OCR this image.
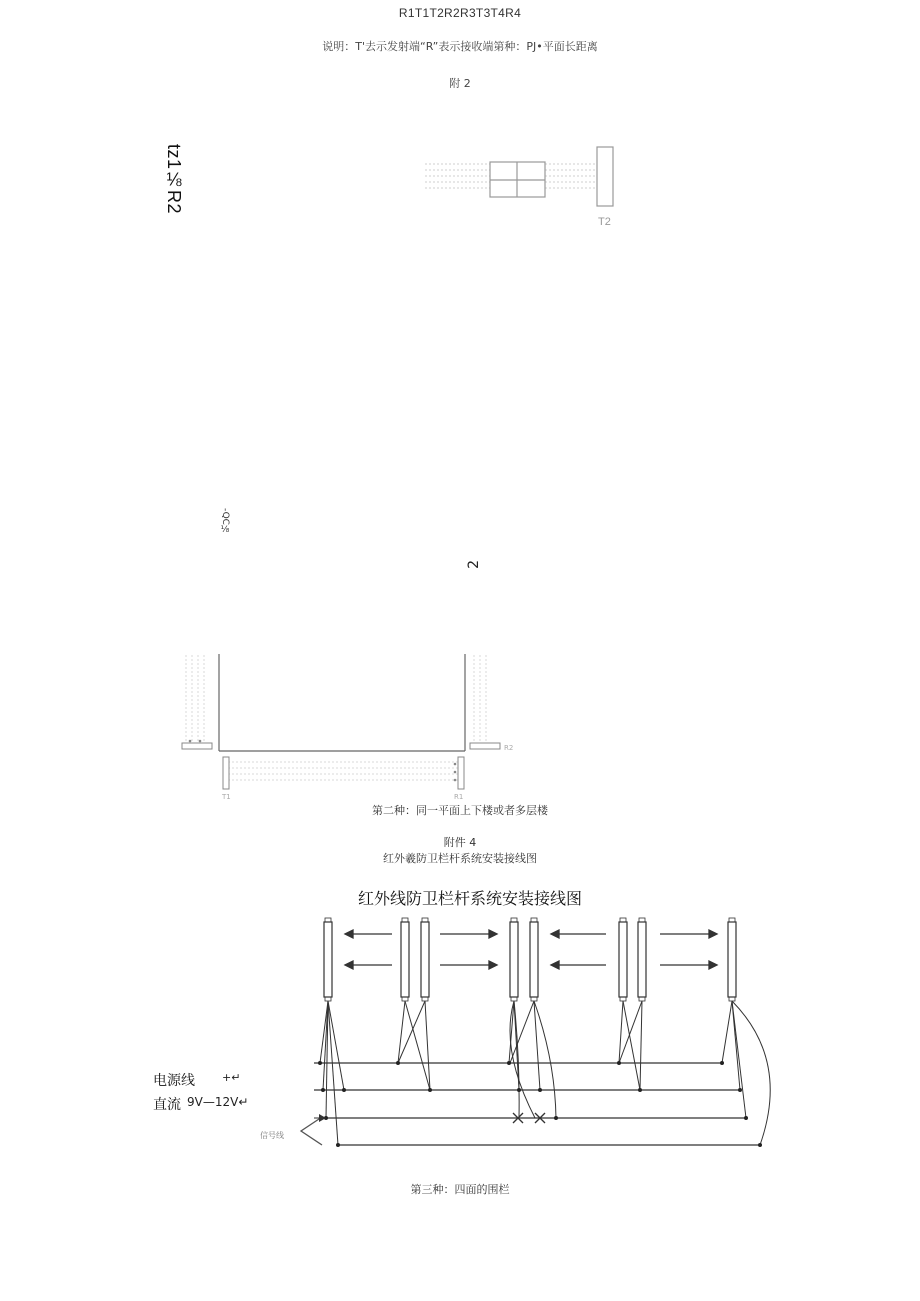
R1T1T2R2R3T3T4R4
说明：T'去示发射端“R”表示接收端第种：PJ•平面长距离
附 2
tz1⅛R2
-QC⅛
2
第二种：同一平面上下楼或者多层楼
附件 4
红外羲防卫栏杆系统安装接线图
红外线防卫栏杆系统安装接线图
电源线 +↵
直流 9V—12V↵
信号线
第三种：四面的围栏
T2
R2
T1	R1
